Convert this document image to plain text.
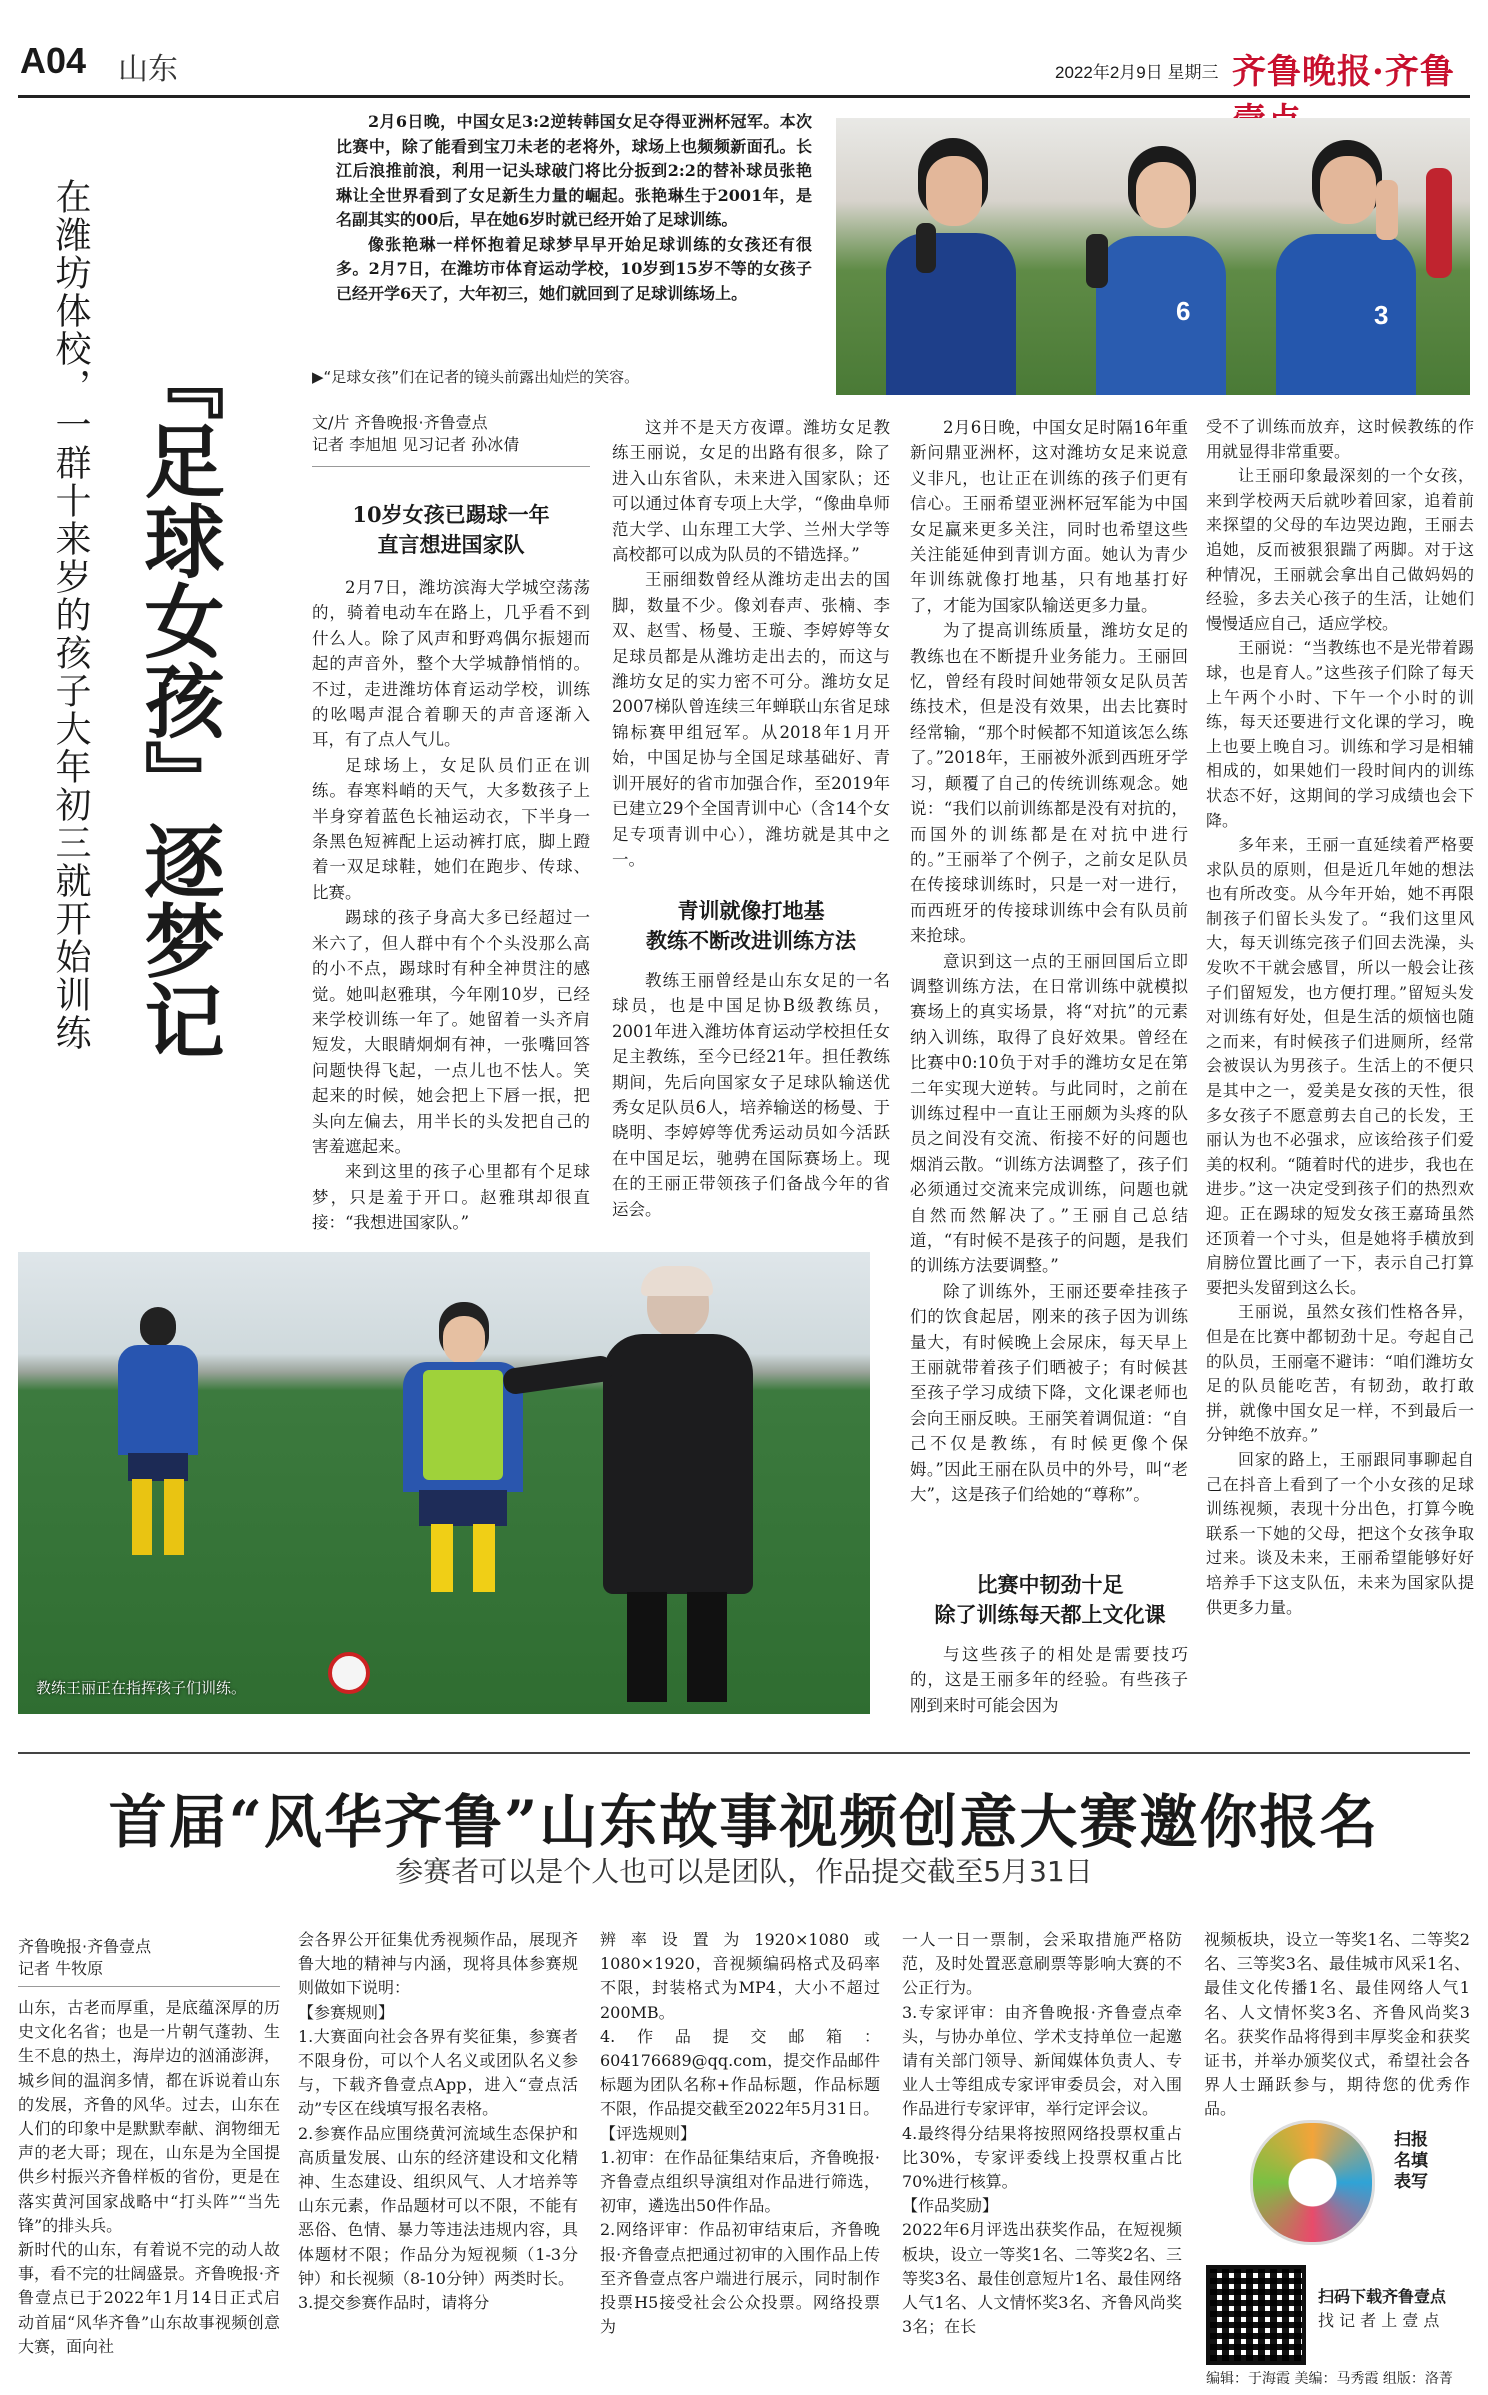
A04 山东	2022年2月9日 星期三 齐鲁晚报·齐鲁
在潍坊体校，一群十来岁的孩子大年初三就开始训练 『足球女孩』逐梦记

2月6日晚，中国女足3:2逆转韩国女足夺得亚洲杯冠军。本次比赛中，除了能看到宝刀未老的老将外，球场上也频频新面孔。长江后浪推前浪，利用一记头球破门将比分扳到2:2的替补球员张艳琳让全世界看到了女足新生力量的崛起。张艳琳生于2001年，是名副其实的00后，早在她6岁时就已经开始了足球训练。

像张艳琳一样怀抱着足球梦早早开始足球训练的女孩还有很多。2月7日，在潍坊市体育运动学校，10岁到15岁不等的女孩子已经开学6天了，大年初三，她们就回到了足球训练场上。

▶“足球女孩”们在记者的镜头前露出灿烂的笑容。
6	3
文/片 齐鲁晚报·齐鲁壹点
记者 李旭旭 见习记者 孙冰倩
10岁女孩已踢球一年
直言想进国家队

2月7日，潍坊滨海大学城空荡荡的，骑着电动车在路上，几乎看不到什么人。除了风声和野鸡偶尔振翅而起的声音外，整个大学城静悄悄的。不过，走进潍坊体育运动学校，训练的吆喝声混合着聊天的声音逐渐入耳，有了点人气儿。

足球场上，女足队员们正在训练。春寒料峭的天气，大多数孩子上半身穿着蓝色长袖运动衣，下半身一条黑色短裤配上运动裤打底，脚上蹬着一双足球鞋，她们在跑步、传球、比赛。

踢球的孩子身高大多已经超过一米六了，但人群中有个个头没那么高的小不点，踢球时有种全神贯注的感觉。她叫赵雅琪，今年刚10岁，已经来学校训练一年了。她留着一头齐肩短发，大眼睛炯炯有神，一张嘴回答问题快得飞起，一点儿也不怯人。笑起来的时候，她会把上下唇一抿，把头向左偏去，用半长的头发把自己的害羞遮起来。

来到这里的孩子心里都有个足球梦，只是羞于开口。赵雅琪却很直接：“我想进国家队。”

这并不是天方夜谭。潍坊女足教练王丽说，女足的出路有很多，除了进入山东省队，未来进入国家队；还可以通过体育专项上大学，“像曲阜师范大学、山东理工大学、兰州大学等高校都可以成为队员的不错选择。”

王丽细数曾经从潍坊走出去的国脚，数量不少。像刘春声、张楠、李双、赵雪、杨曼、王璇、李婷婷等女足球员都是从潍坊走出去的，而这与潍坊女足的实力密不可分。潍坊女足2007梯队曾连续三年蝉联山东省足球锦标赛甲组冠军。从2018年1月开始，中国足协与全国足球基础好、青训开展好的省市加强合作，至2019年已建立29个全国青训中心（含14个女足专项青训中心），潍坊就是其中之一。

青训就像打地基
教练不断改进训练方法

教练王丽曾经是山东女足的一名球员，也是中国足协B级教练员，2001年进入潍坊体育运动学校担任女足主教练，至今已经21年。担任教练期间，先后向国家女子足球队输送优秀女足队员6人，培养输送的杨曼、于晓明、李婷婷等优秀运动员如今活跃在中国足坛，驰骋在国际赛场上。现在的王丽正带领孩子们备战今年的省运会。

2月6日晚，中国女足时隔16年重新问鼎亚洲杯，这对潍坊女足来说意义非凡，也让正在训练的孩子们更有信心。王丽希望亚洲杯冠军能为中国女足赢来更多关注，同时也希望这些关注能延伸到青训方面。她认为青少年训练就像打地基，只有地基打好了，才能为国家队输送更多力量。

为了提高训练质量，潍坊女足的教练也在不断提升业务能力。王丽回忆，曾经有段时间她带领女足队员苦练技术，但是没有效果，出去比赛时经常输，“那个时候都不知道该怎么练了。”2018年，王丽被外派到西班牙学习，颠覆了自己的传统训练观念。她说：“我们以前训练都是没有对抗的，而国外的训练都是在对抗中进行的。”王丽举了个例子，之前女足队员在传接球训练时，只是一对一进行，而西班牙的传接球训练中会有队员前来抢球。

意识到这一点的王丽回国后立即调整训练方法，在日常训练中就模拟赛场上的真实场景，将“对抗”的元素纳入训练，取得了良好效果。曾经在比赛中0:10负于对手的潍坊女足在第二年实现大逆转。与此同时，之前在训练过程中一直让王丽颇为头疼的队员之间没有交流、衔接不好的问题也烟消云散。“训练方法调整了，孩子们必须通过交流来完成训练，问题也就自然而然解决了。”王丽自己总结道，“有时候不是孩子的问题，是我们的训练方法要调整。”

除了训练外，王丽还要牵挂孩子们的饮食起居，刚来的孩子因为训练量大，有时候晚上会尿床，每天早上王丽就带着孩子们晒被子；有时候甚至孩子学习成绩下降，文化课老师也会向王丽反映。王丽笑着调侃道：“自己不仅是教练，有时候更像个保姆。”因此王丽在队员中的外号，叫“老大”，这是孩子们给她的“尊称”。

受不了训练而放弃，这时候教练的作用就显得非常重要。

让王丽印象最深刻的一个女孩，来到学校两天后就吵着回家，追着前来探望的父母的车边哭边跑，王丽去追她，反而被狠狠踹了两脚。对于这种情况，王丽就会拿出自己做妈妈的经验，多去关心孩子的生活，让她们慢慢适应自己，适应学校。

王丽说：“当教练也不是光带着踢球，也是育人。”这些孩子们除了每天上午两个小时、下午一个小时的训练，每天还要进行文化课的学习，晚上也要上晚自习。训练和学习是相辅相成的，如果她们一段时间内的训练状态不好，这期间的学习成绩也会下降。

多年来，王丽一直延续着严格要求队员的原则，但是近几年她的想法也有所改变。从今年开始，她不再限制孩子们留长头发了。“我们这里风大，每天训练完孩子们回去洗澡，头发吹不干就会感冒，所以一般会让孩子们留短发，也方便打理。”留短头发对训练有好处，但是生活的烦恼也随之而来，有时候孩子们进厕所，经常会被误认为男孩子。生活上的不便只是其中之一，爱美是女孩的天性，很多女孩子不愿意剪去自己的长发，王丽认为也不必强求，应该给孩子们爱美的权利。“随着时代的进步，我也在进步。”这一决定受到孩子们的热烈欢迎。正在踢球的短发女孩王嘉琦虽然还顶着一个寸头，但是她将手横放到肩膀位置比画了一下，表示自己打算要把头发留到这么长。

王丽说，虽然女孩们性格各异，但是在比赛中都韧劲十足。夸起自己的队员，王丽毫不避讳：“咱们潍坊女足的队员能吃苦，有韧劲，敢打敢拼，就像中国女足一样，不到最后一分钟绝不放弃。”

回家的路上，王丽跟同事聊起自己在抖音上看到了一个小女孩的足球训练视频，表现十分出色，打算今晚联系一下她的父母，把这个女孩争取过来。谈及未来，王丽希望能够好好培养手下这支队伍，未来为国家队提供更多力量。

教练王丽正在指挥孩子们训练。
比赛中韧劲十足
除了训练每天都上文化课

与这些孩子的相处是需要技巧的，这是王丽多年的经验。有些孩子刚到来时可能会因为

首届“风华齐鲁”山东故事视频创意大赛邀你报名
参赛者可以是个人也可以是团队，作品提交截至5月31日
齐鲁晚报·齐鲁壹点
记者 牛牧原
山东，古老而厚重，是底蕴深厚的历史文化名省；也是一片朝气蓬勃、生生不息的热土，海岸边的汹涌澎湃，城乡间的温润多情，都在诉说着山东的发展，齐鲁的风华。过去，山东在人们的印象中是默默奉献、润物细无声的老大哥；现在，山东是为全国提供乡村振兴齐鲁样板的省份，更是在落实黄河国家战略中“打头阵”“当先锋”的排头兵。
新时代的山东，有着说不完的动人故事，看不完的壮阔盛景。齐鲁晚报·齐鲁壹点已于2022年1月14日正式启动首届“风华齐鲁”山东故事视频创意大赛，面向社
会各界公开征集优秀视频作品，展现齐鲁大地的精神与内涵，现将具体参赛规则做如下说明：
【参赛规则】
1.大赛面向社会各界有奖征集，参赛者不限身份，可以个人名义或团队名义参与，下载齐鲁壹点App，进入“壹点活动”专区在线填写报名表格。
2.参赛作品应围绕黄河流域生态保护和高质量发展、山东的经济建设和文化精神、生态建设、组织风气、人才培养等山东元素，作品题材可以不限，不能有恶俗、色情、暴力等违法违规内容，具体题材不限；作品分为短视频（1-3分钟）和长视频（8-10分钟）两类时长。
3.提交参赛作品时，请将分
辨率设置为1920×1080或1080×1920，音视频编码格式及码率不限，封装格式为MP4，大小不超过200MB。
4.作品提交邮箱：604176689@qq.com，提交作品邮件标题为团队名称+作品标题，作品标题不限，作品提交截至2022年5月31日。
【评选规则】
1.初审：在作品征集结束后，齐鲁晚报·齐鲁壹点组织导演组对作品进行筛选，初审，遴选出50件作品。
2.网络评审：作品初审结束后，齐鲁晚报·齐鲁壹点把通过初审的入围作品上传至齐鲁壹点客户端进行展示，同时制作投票H5接受社会公众投票。网络投票为
一人一日一票制，会采取措施严格防范，及时处置恶意刷票等影响大赛的不公正行为。
3.专家评审：由齐鲁晚报·齐鲁壹点牵头，与协办单位、学术支持单位一起邀请有关部门领导、新闻媒体负责人、专业人士等组成专家评审委员会，对入围作品进行专家评审，举行定评会议。
4.最终得分结果将按照网络投票权重占比30%，专家评委线上投票权重占比70%进行核算。
【作品奖励】
2022年6月评选出获奖作品，在短视频板块，设立一等奖1名、二等奖2名、三等奖3名、最佳创意短片1名、最佳网络人气1名、人文情怀奖3名、齐鲁风尚奖3名；在长
视频板块，设立一等奖1名、二等奖2名、三等奖3名、最佳城市风采1名、最佳文化传播1名、最佳网络人气1名、人文情怀奖3名、齐鲁风尚奖3名。获奖作品将得到丰厚奖金和获奖证书，并举办颁奖仪式，希望社会各界人士踊跃参与，期待您的优秀作品。
扫报名填表写
扫码下载齐鲁壹点
找 记 者 上 壹 点
编辑：于海霞 美编：马秀霞 组版：洛菁
